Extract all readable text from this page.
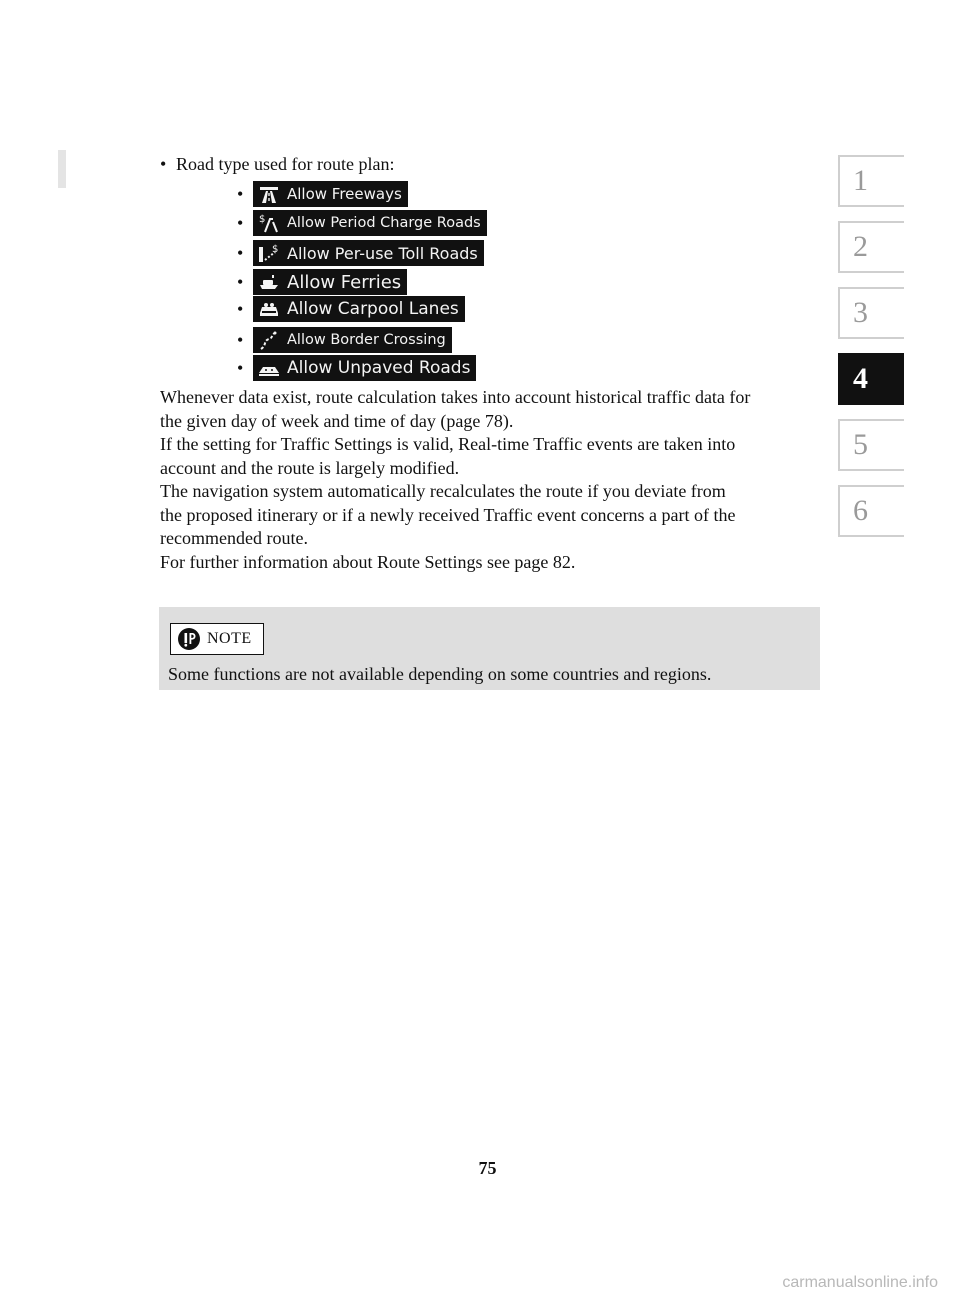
• Road type used for route plan:
•	Allow Freeways
•	$ Allow Period Charge Roads
•	$ Allow Per-use Toll Roads
•	Allow Ferries
•	Allow Carpool Lanes
•	Allow Border Crossing
•	Allow Unpaved Roads

Whenever data exist, route calculation takes into account historical traffic data for

the given day of week and time of day (page 78).

If the setting for Traffic Settings is valid, Real-time Traffic events are taken into

account and the route is largely modified.

The navigation system automatically recalculates the route if you deviate from

the proposed itinerary or if a newly received Traffic event concerns a part of the

recommended route.

For further information about Route Settings see page 82.

NOTE
Some functions are not available depending on some countries and regions.
1
2
3
4
5
6
75
carmanualsonline.info
